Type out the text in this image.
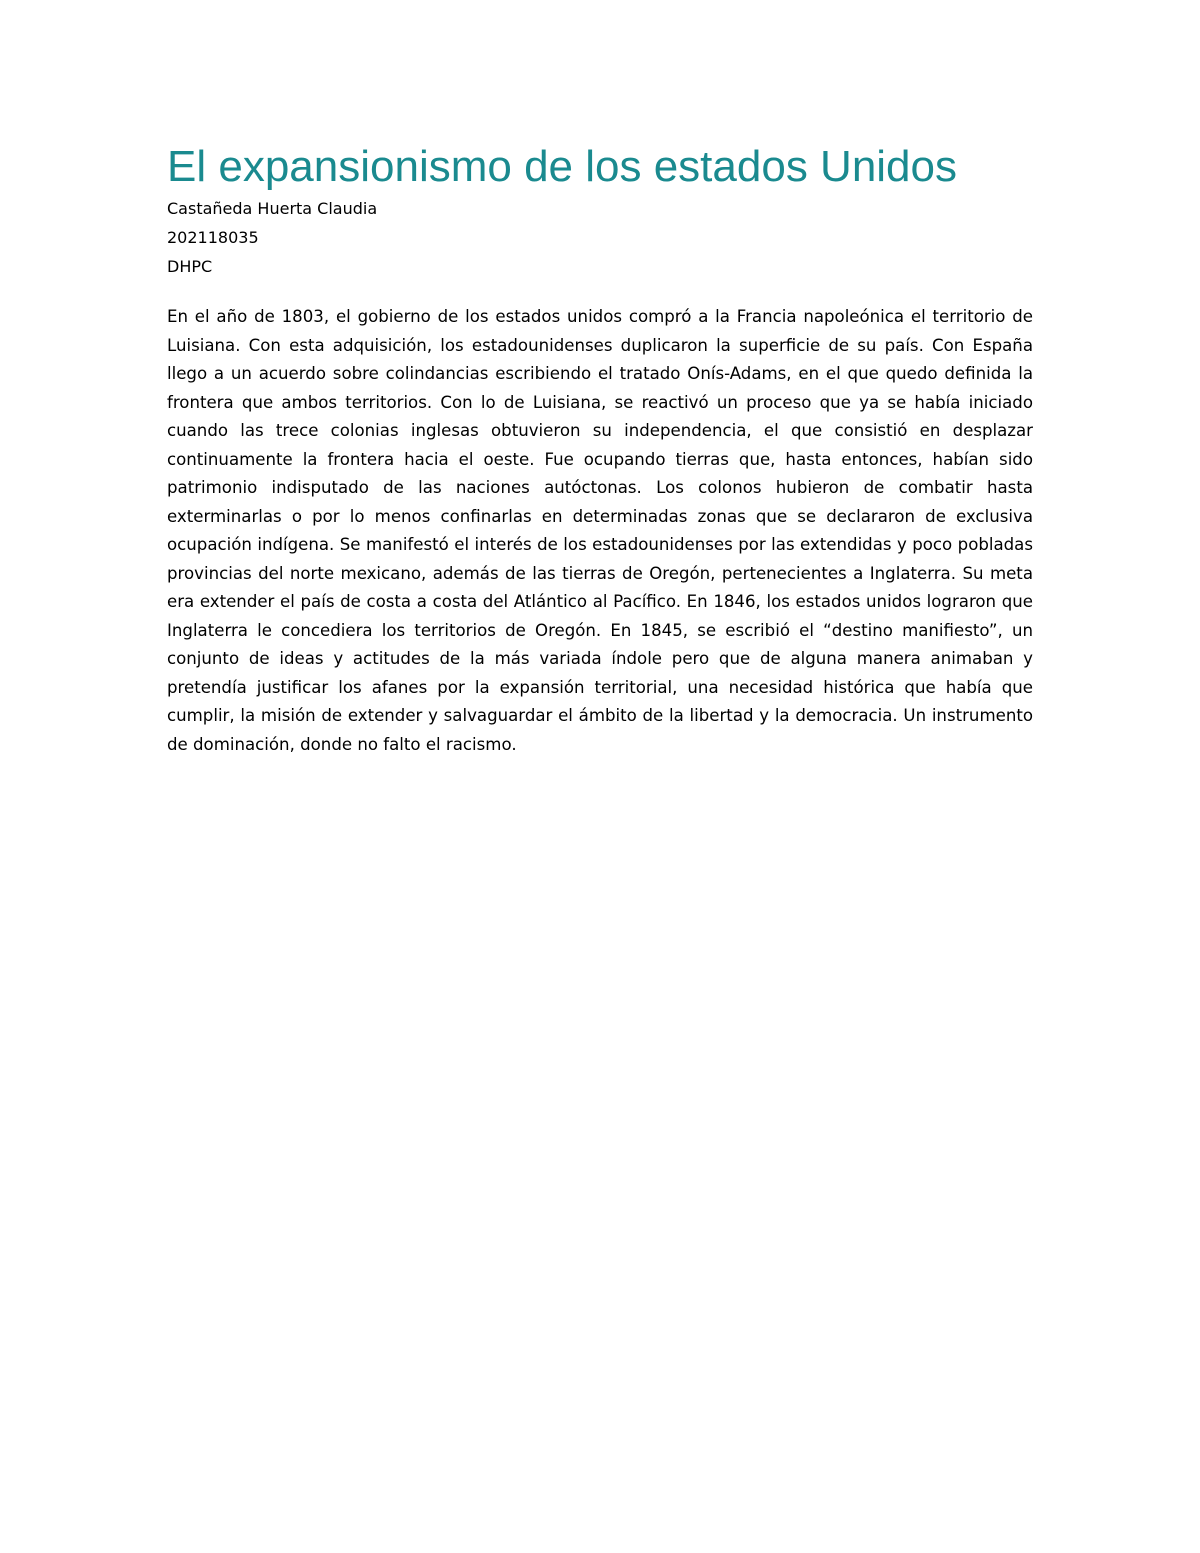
El expansionismo de los estados Unidos

Castañeda Huerta Claudia

202118035

DHPC

En el año de 1803, el gobierno de los estados unidos compró a la Francia napoleónica el territorio de Luisiana. Con esta adquisición, los estadounidenses duplicaron la superficie de su país. Con España llego a un acuerdo sobre colindancias escribiendo el tratado Onís-Adams, en el que quedo definida la frontera que ambos territorios. Con lo de Luisiana, se reactivó un proceso que ya se había iniciado cuando las trece colonias inglesas obtuvieron su independencia, el que consistió en desplazar continuamente la frontera hacia el oeste. Fue ocupando tierras que, hasta entonces, habían sido patrimonio indisputado de las naciones autóctonas. Los colonos hubieron de combatir hasta exterminarlas o por lo menos confinarlas en determinadas zonas que se declararon de exclusiva ocupación indígena. Se manifestó el interés de los estadounidenses por las extendidas y poco pobladas provincias del norte mexicano, además de las tierras de Oregón, pertenecientes a Inglaterra. Su meta era extender el país de costa a costa del Atlántico al Pacífico. En 1846, los estados unidos lograron que Inglaterra le concediera los territorios de Oregón. En 1845, se escribió el “destino manifiesto”, un conjunto de ideas y actitudes de la más variada índole pero que de alguna manera animaban y pretendía justificar los afanes por la expansión territorial, una necesidad histórica que había que cumplir, la misión de extender y salvaguardar el ámbito de la libertad y la democracia. Un instrumento de dominación, donde no falto el racismo.
